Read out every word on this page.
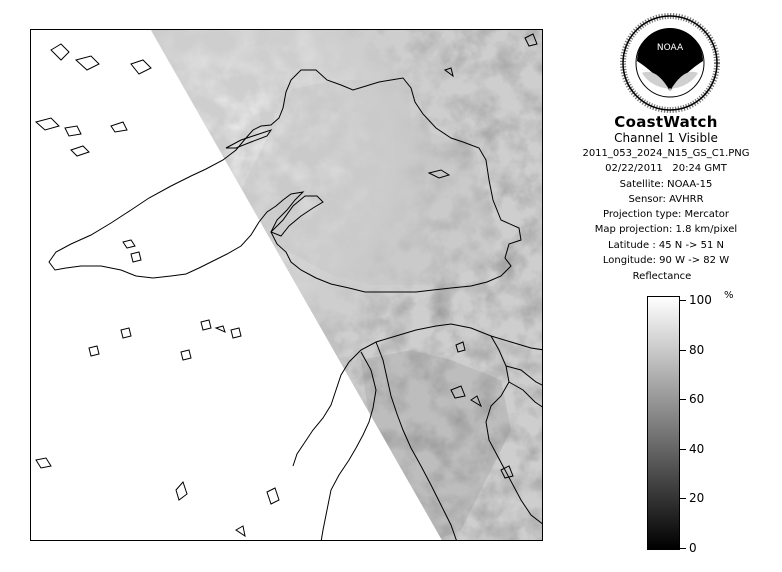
NOAA
CoastWatch
Channel 1 Visible
2011_053_2024_N15_GS_C1.PNG
02/22/2011 20:24 GMT
Satellite: NOAA-15
Sensor: AVHRR
Projection type: Mercator
Map projection: 1.8 km/pixel
Latitude : 45 N -> 51 N
Longitude: 90 W -> 82 W
Reflectance
%
100
80
60
40
20
0
